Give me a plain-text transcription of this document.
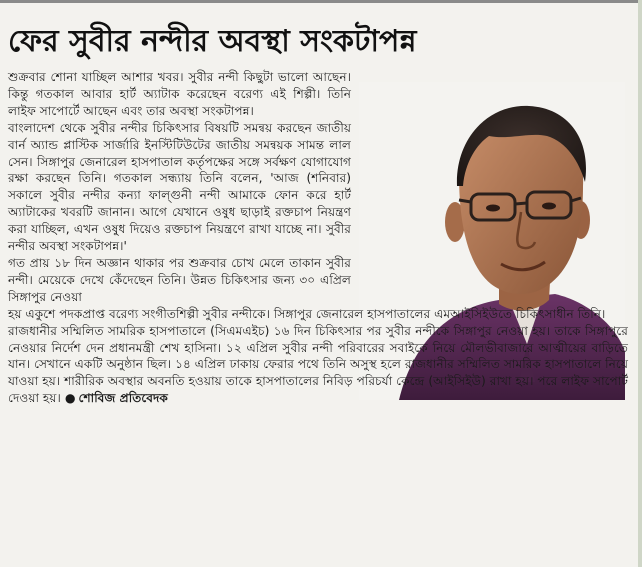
ফের সুবীর নন্দীর অবস্থা সংকটাপন্ন

শুক্রবার শোনা যাচ্ছিল আশার খবর। সুবীর নন্দী কিছুটা ভালো আছেন। কিন্তু গতকাল আবার হার্ট অ্যাটাক করেছেন বরেণ্য এই শিল্পী। তিনি লাইফ সাপোর্টে আছেন এবং তার অবস্থা সংকটাপন্ন।

বাংলাদেশ থেকে সুবীর নন্দীর চিকিৎসার বিষয়টি সমন্বয় করছেন জাতীয় বার্ন অ্যান্ড প্লাস্টিক সার্জারি ইনস্টিটিউটের জাতীয় সমন্বয়ক সামন্ত লাল সেন। সিঙ্গাপুর জেনারেল হাসপাতাল কর্তৃপক্ষের সঙ্গে সর্বক্ষণ যোগাযোগ রক্ষা করছেন তিনি। গতকাল সন্ধ্যায় তিনি বলেন, 'আজ (শনিবার) সকালে সুবীর নন্দীর কন্যা ফাল্গুনী নন্দী আমাকে ফোন করে হার্ট অ্যাটাকের খবরটি জানান। আগে যেখানে ওষুধ ছাড়াই রক্তচাপ নিয়ন্ত্রণ করা যাচ্ছিল, এখন ওষুধ দিয়েও রক্তচাপ নিয়ন্ত্রণে রাখা যাচ্ছে না। সুবীর নন্দীর অবস্থা সংকটাপন্ন।'

গত প্রায় ১৮ দিন অজ্ঞান থাকার পর শুক্রবার চোখ মেলে তাকান সুবীর নন্দী। মেয়েকে দেখে কেঁদেছেন তিনি। উন্নত চিকিৎসার জন্য ৩০ এপ্রিল সিঙ্গাপুর নেওয়া

হয় একুশে পদকপ্রাপ্ত বরেণ্য সংগীতশিল্পী সুবীর নন্দীকে। সিঙ্গাপুর জেনারেল হাসপাতালের এমআইসিইউতে চিকিৎসাধীন তিনি।

রাজধানীর সম্মিলিত সামরিক হাসপাতালে (সিএমএইচ) ১৬ দিন চিকিৎসার পর সুবীর নন্দীকে সিঙ্গাপুর নেওয়া হয়। তাকে সিঙ্গাপুরে নেওয়ার নির্দেশ দেন প্রধানমন্ত্রী শেখ হাসিনা। ১২ এপ্রিল সুবীর নন্দী পরিবারের সবাইকে নিয়ে মৌলভীবাজারে আত্মীয়ের বাড়িতে যান। সেখানে একটি অনুষ্ঠান ছিল। ১৪ এপ্রিল ঢাকায় ফেরার পথে তিনি অসুস্থ হলে রাজধানীর সম্মিলিত সামরিক হাসপাতালে নিয়ে যাওয়া হয়। শারীরিক অবস্থার অবনতি হওয়ায় তাকে হাসপাতালের নিবিড় পরিচর্যা কেন্দ্রে (আইসিইউ) রাখা হয়। পরে লাইফ সাপোর্ট দেওয়া হয়। ● শোবিজ প্রতিবেদক
